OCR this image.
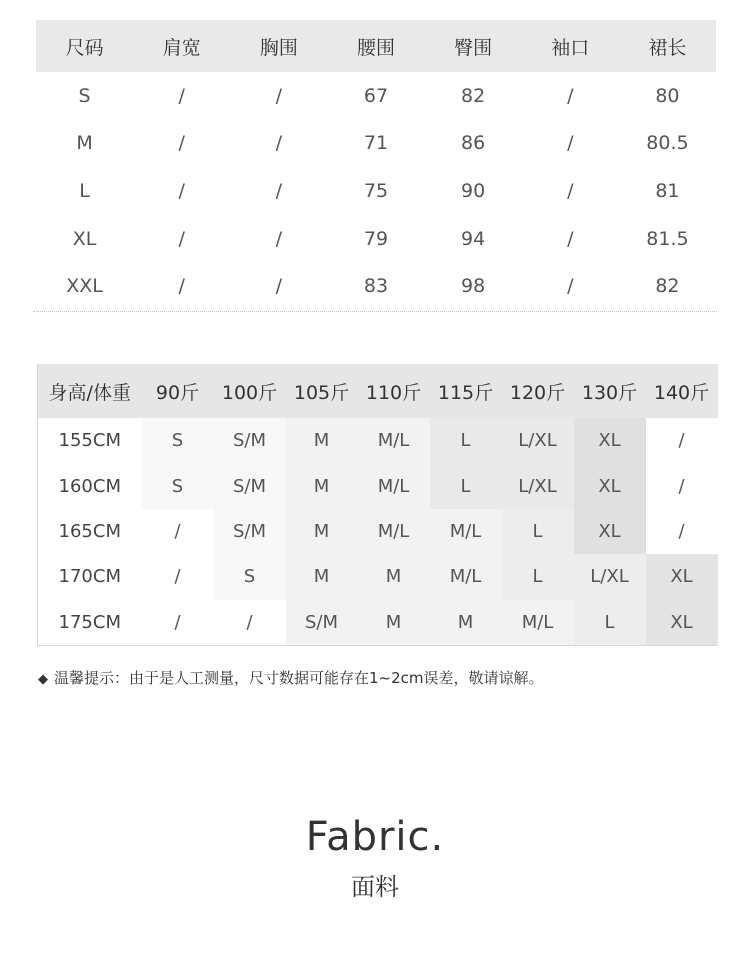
尺码	肩宽	胸围	腰围	臀围	袖口	裙长
S	/	/	67	82	/	80
M	/	/	71	86	/	80.5
L	/	/	75	90	/	81
XL	/	/	79	94	/	81.5
XXL	/	/	83	98	/	82
身高/体重	90斤	100斤	105斤	110斤	115斤	120斤	130斤	140斤
155CM	S	S/M	M	M/L	L	L/XL	XL	/
160CM	S	S/M	M	M/L	L	L/XL	XL	/
165CM	/	S/M	M	M/L	M/L	L	XL	/
170CM	/	S	M	M	M/L	L	L/XL	XL
175CM	/	/	S/M	M	M	M/L	L	XL
◆ 温馨提示：由于是人工测量，尺寸数据可能存在1~2cm误差，敬请谅解。
Fabric.
面料
